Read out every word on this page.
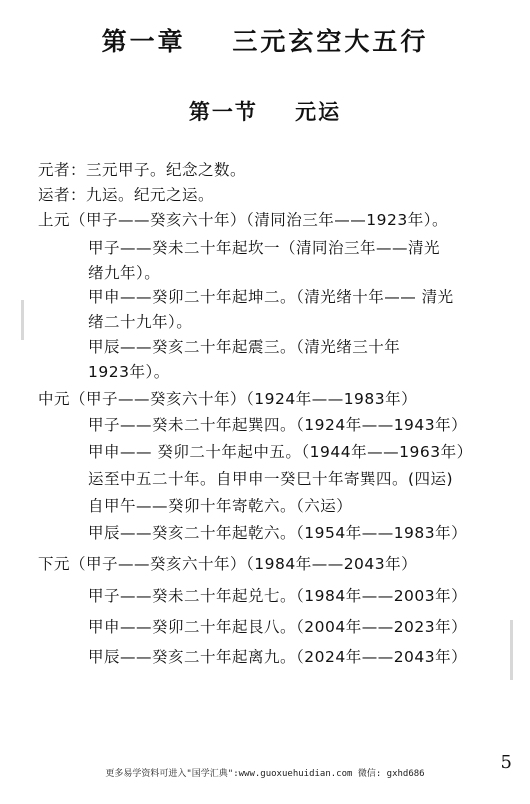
第一章    三元玄空大五行
第一节    元运
元者：三元甲子。纪念之数。
运者：九运。纪元之运。
上元（甲子——癸亥六十年）（清同治三年——1923年）。
甲子——癸未二十年起坎一（清同治三年——清光
绪九年）。
甲申——癸卯二十年起坤二。（清光绪十年—— 清光
绪二十九年）。
甲辰——癸亥二十年起震三。（清光绪三十年
1923年）。
中元（甲子——癸亥六十年）（1924年——1983年）
甲子——癸未二十年起巽四。（1924年——1943年）
甲申—— 癸卯二十年起中五。（1944年——1963年）
运至中五二十年。自甲申一癸巳十年寄巽四。(四运)
自甲午——癸卯十年寄乾六。（六运）
甲辰——癸亥二十年起乾六。（1954年——1983年）
下元（甲子——癸亥六十年）（1984年——2043年）
甲子——癸未二十年起兑七。（1984年——2003年）
甲申——癸卯二十年起艮八。（2004年——2023年）
甲辰——癸亥二十年起离九。（2024年——2043年）
更多易学资料可进入"国学汇典":www.guoxuehuidian.com 微信: gxhd686
5
